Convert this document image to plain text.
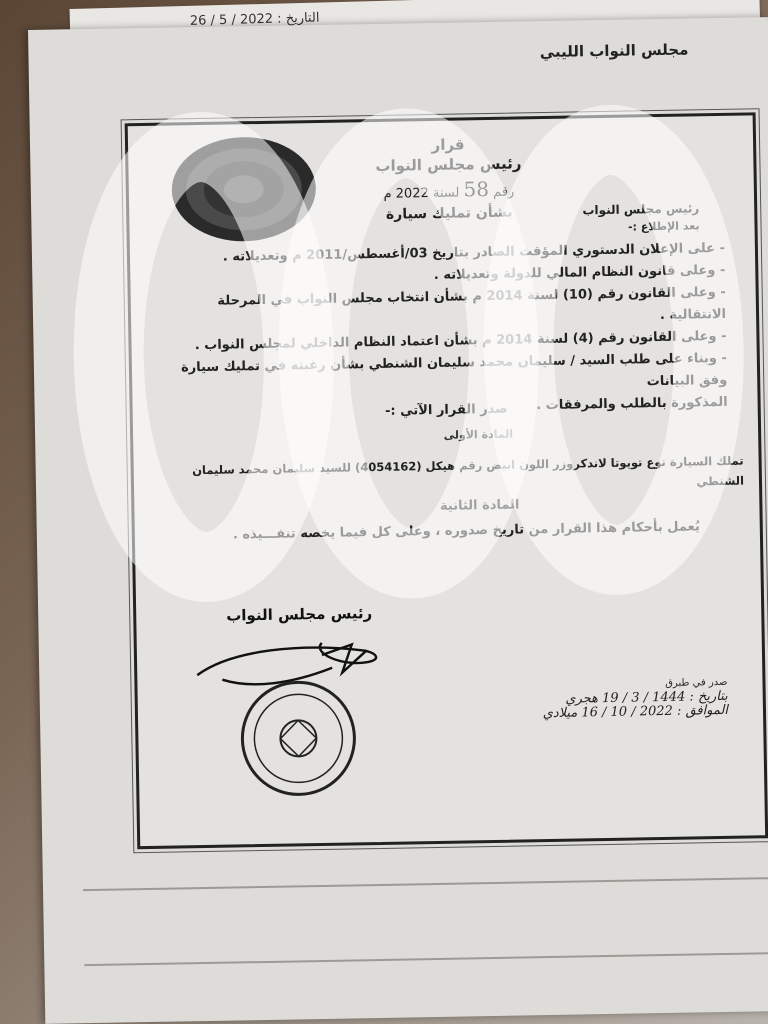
التاريخ : 2022 / 5 / 26
مجلس النواب الليبي
قرار
رئيس مجلس النواب
رقم 58 لسنة 2022 م
بشأن تمليك سيارة	رئيس مجلس النواب
بعد الإطلاع :-
- على الإعلان الدستوري المؤقت الصادر بتاريخ 03/أغسطس/2011 م وتعديلاته .
- وعلى قانون النظام المالي للدولة وتعديلاته .
- وعلى القانون رقم (10) لسنة 2014 م بشأن انتخاب مجلس النواب في المرحلة الانتقالية .
- وعلى القانون رقم (4) لسنة 2014 م بشأن اعتماد النظام الداخلي لمجلس النواب .
- وبناء على طلب السيد / سليمان محمد سليمان الشنطي بشأن رغبته في تمليك سيارة وفق البيانات
المذكورة بالطلب والمرفقات .
صدر القرار الآتي :-
المادة الأولى
تملك السيارة نوع تويوتا لاندكروزر اللون ابيض رقم هيكل (4054162) للسيد سليمان محمد سليمان الشنطي
المادة الثانية
يُعمل بأحكام هذا القرار من تاريخ صدوره ، وعلى كل فيما يخصه تنفـــيذه .
رئيس مجلس النواب
صدر في طبرق
بتاريخ : 1444 / 3 / 19 هجري
الموافق : 2022 / 10 / 16 ميلادي
